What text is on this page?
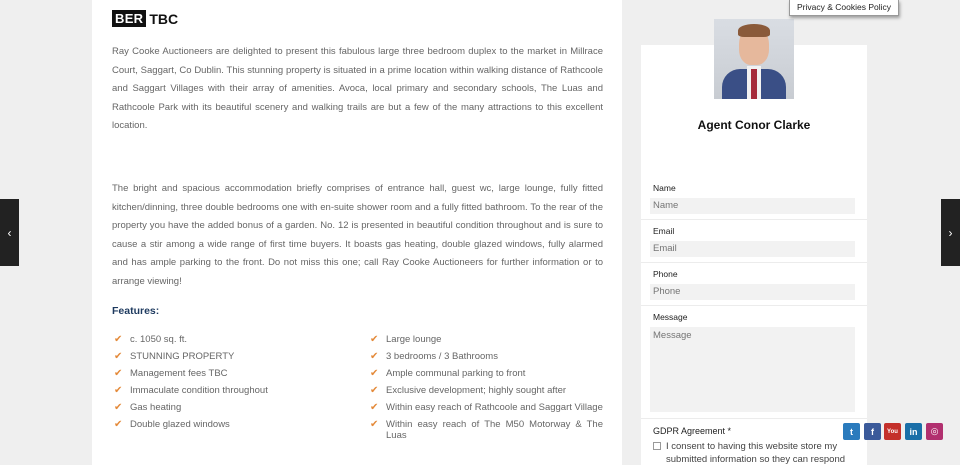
BER TBC

Ray Cooke Auctioneers are delighted to present this fabulous large three bedroom duplex to the market in Millrace Court, Saggart, Co Dublin. This stunning property is situated in a prime location within walking distance of Rathcoole and Saggart Villages with their array of amenities. Avoca, local primary and secondary schools, The Luas and Rathcoole Park with its beautiful scenery and walking trails are but a few of the many attractions to this excellent location.

The bright and spacious accommodation briefly comprises of entrance hall, guest wc, large lounge, fully fitted kitchen/dinning, three double bedrooms one with en-suite shower room and a fully fitted bathroom. To the rear of the property you have the added bonus of a garden. No. 12 is presented in beautiful condition throughout and is sure to cause a stir among a wide range of first time buyers. It boasts gas heating, double glazed windows, fully alarmed and has ample parking to the front. Do not miss this one; call Ray Cooke Auctioneers for further information or to arrange viewing!

Features:
✔ c. 1050 sq. ft.
✔ STUNNING PROPERTY
✔ Management fees TBC
✔ Immaculate condition throughout
✔ Gas heating
✔ Double glazed windows
✔ Large lounge
✔ 3 bedrooms / 3 Bathrooms
✔ Ample communal parking to front
✔ Exclusive development; highly sought after
✔ Within easy reach of Rathcoole and Saggart Village
✔ Within easy reach of The M50 Motorway & The Luas
Agent Conor Clarke
Name
Name
Email
Email
Phone
Phone
Message
Message
GDPR Agreement *
I consent to having this website store my submitted information so they can respond
Privacy & Cookies Policy
‹	›
t	f	You	in	◎
